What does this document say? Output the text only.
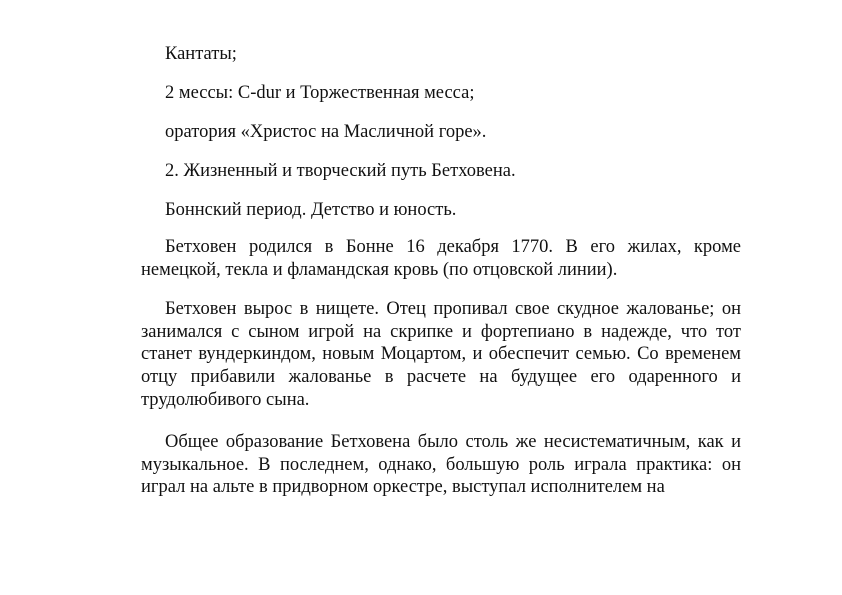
Кантаты;
2 мессы: C-dur и Торжественная месса;
оратория «Христос на Масличной горе».
2. Жизненный и творческий путь Бетховена.
Боннский период. Детство и юность.
Бетховен родился в Бонне 16 декабря 1770. В его жилах, кроме немецкой, текла и фламандская кровь (по отцовской линии).
Бетховен вырос в нищете. Отец пропивал свое скудное жалованье; он занимался с сыном игрой на скрипке и фортепиано в надежде, что тот станет вундеркиндом, новым Моцартом, и обеспечит семью. Со временем отцу прибавили жалованье в расчете на будущее его одаренного и трудолюбивого сына.
Общее образование Бетховена было столь же несистематичным, как и музыкальное. В последнем, однако, большую роль играла практика: он играл на альте в придворном оркестре, выступал исполнителем на
